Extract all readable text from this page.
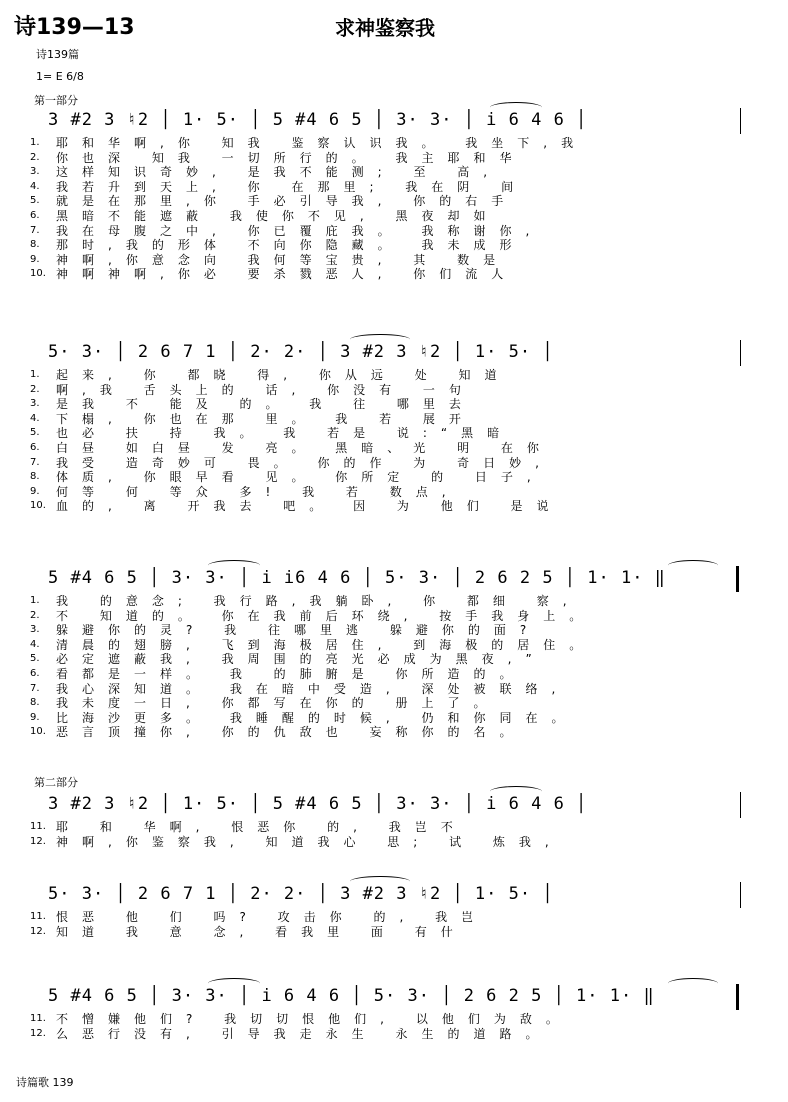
诗139—13	求神鉴察我
诗139篇
1= E 6/8
第一部分
3 #2 3 ♮2 │ 1· 5· │ 5 #4 6 5 │ 3· 3· │ i 6 4 6 │
1.	耶和华啊,你 知我 鉴察认识我。 我坐下,我
2.	你也深 知我 一切所行的。 我主耶和华
3.	这样知识奇妙, 是我不能测; 至 高,
4.	我若升到天上, 你 在那里; 我在阴 间
5.	就是在那里,你 手必引导我, 你的右手
6.	黑暗不能遮蔽 我使你不见, 黑夜却如
7.	我在母腹之中, 你已覆庇我。 我称谢你,
8.	那时,我的形体 不向你隐藏。 我未成形
9.	神啊,你意念向 我何等宝贵, 其 数是
10. 神啊神啊,你必 要杀戮恶人, 你们流人
5· 3· │ 2 6 7 1 │ 2· 2· │ 3 #2 3 ♮2 │ 1· 5· │
1.	起来, 你 都晓 得, 你从远 处 知道
2.	啊,我 舌头上的 话, 你没有 一句
3.	是我 不 能及 的。 我 往 哪里去
4.	下榻, 你也在那 里。 我 若 展开
5.	也必 扶 持 我。 我 若是 说:“黑暗
6.	白昼 如白昼 发 亮。 黑暗、光 明 在你
7.	我受 造奇妙可 畏。 你的作 为 奇日妙,
8.	体质, 你眼早看 见。 你所定 的 日子,
9.	何等 何 等众 多! 我 若 数点,
10. 血的, 离 开我去 吧。 因 为 他们 是说
5 #4 6 5 │ 3· 3· │ i i6 4 6 │ 5· 3· │ 2 6 2 5 │ 1· 1· ‖
1.	我 的意念; 我行路,我躺卧, 你 都细 察,
2.	不 知道的。 你在我前后环绕, 按手我身上。
3.	躲避你的灵? 我 往哪里逃 躲避你的面?
4.	清晨的翅膀, 飞到海极居住, 到海极的居住。
5.	必定遮蔽我, 我周围的亮光必成为黑夜,”
6.	看都是一样。 我 的肺腑是 你所造的。
7.	我心深知道。 我在暗中受造, 深处被联络,
8.	我未度一日, 你都写在你的 册上了。
9.	比海沙更多。 我睡醒的时候, 仍和你同在。
10. 恶言顶撞你, 你的仇敌也 妄称你的名。
第二部分
3 #2 3 ♮2 │ 1· 5· │ 5 #4 6 5 │ 3· 3· │ i 6 4 6 │
11. 耶 和 华啊, 恨恶你 的, 我岂不
12. 神啊,你鉴察我, 知道我心 思; 试 炼我,
5· 3· │ 2 6 7 1 │ 2· 2· │ 3 #2 3 ♮2 │ 1· 5· │
11. 恨恶 他 们 吗? 攻击你 的, 我岂
12. 知道 我 意 念, 看我里 面 有什
5 #4 6 5 │ 3· 3· │ i 6 4 6 │ 5· 3· │ 2 6 2 5 │ 1· 1· ‖
11. 不憎嫌他们? 我切切恨他们, 以他们为敌。
12. 么恶行没有, 引导我走永生 永生的道路。
诗篇歌 139
